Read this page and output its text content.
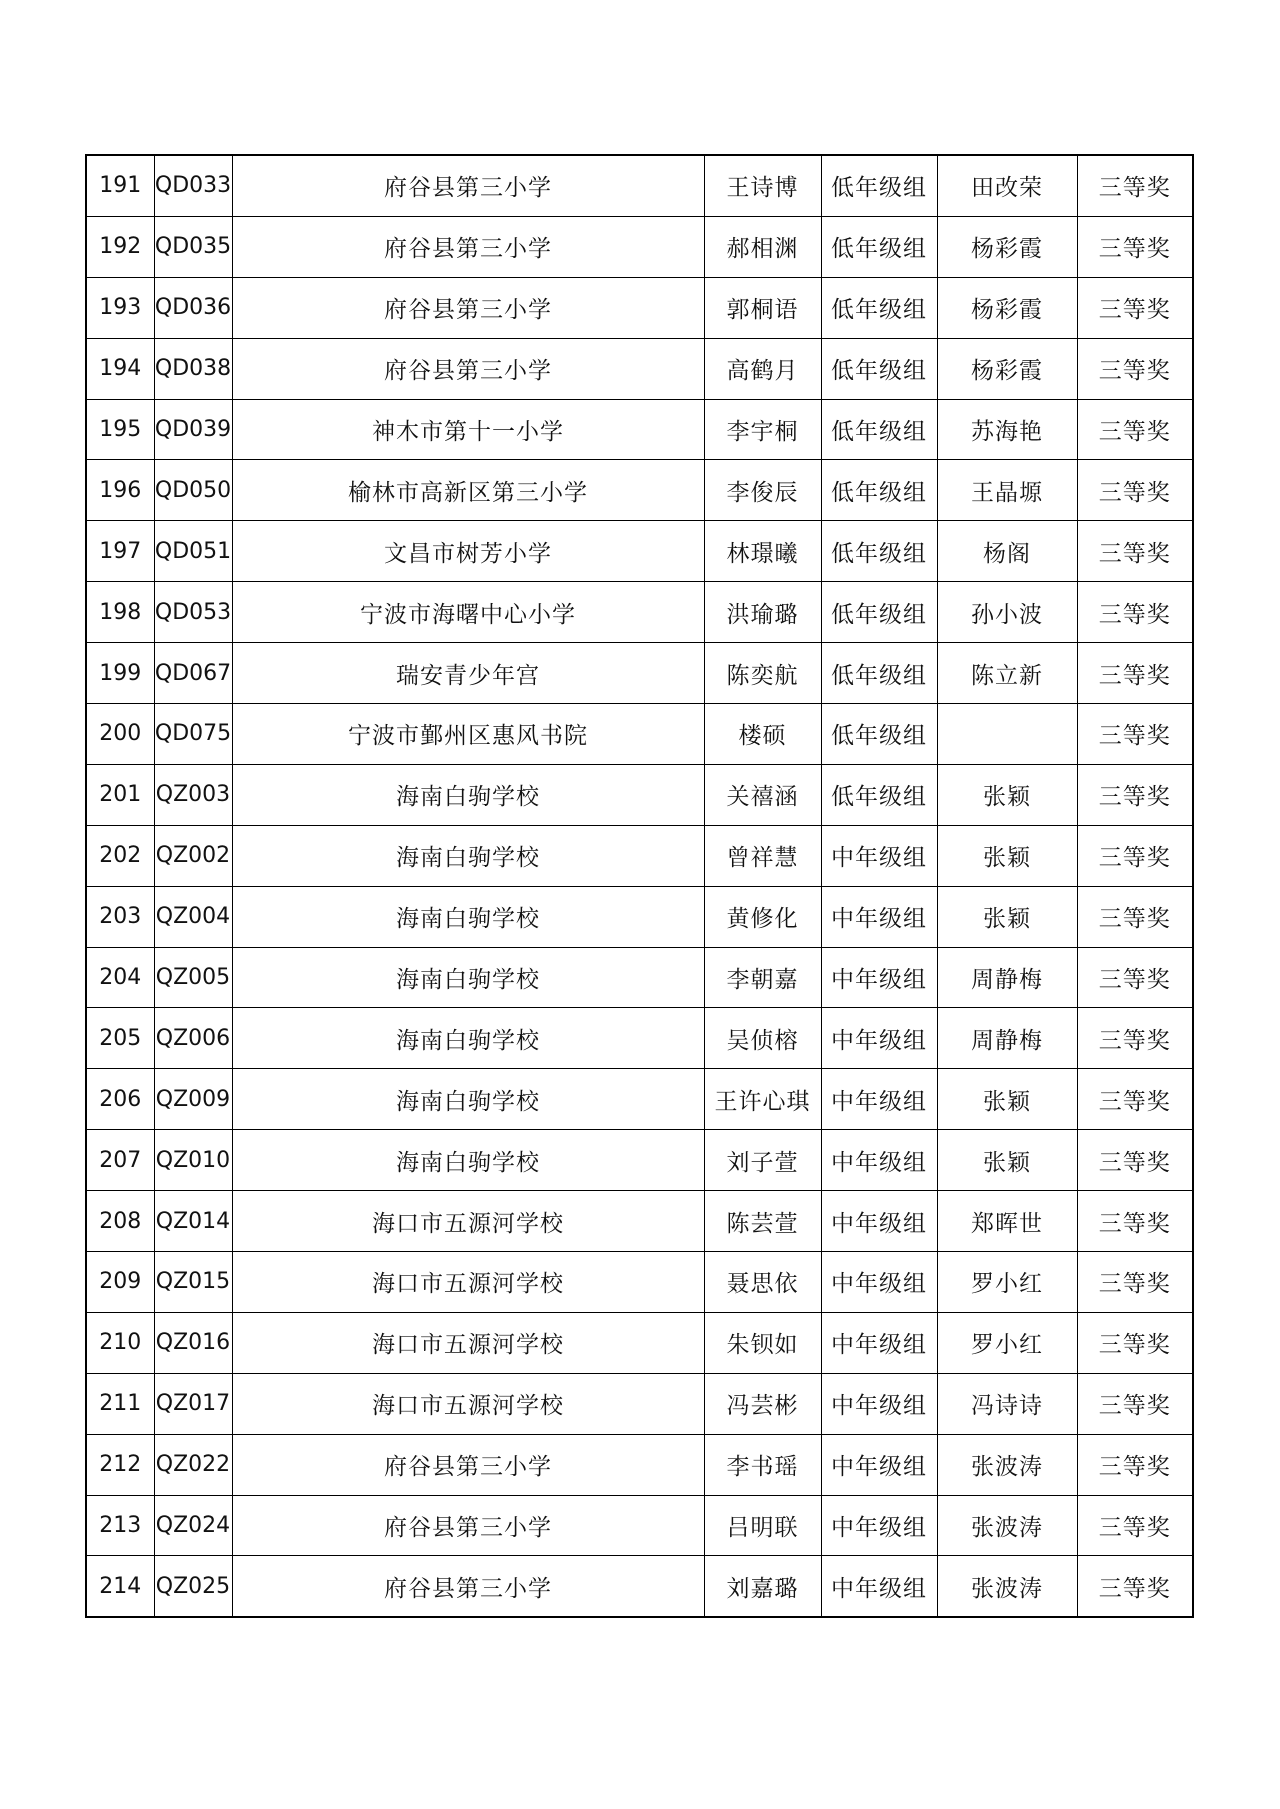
191	QD033	府谷县第三小学	王诗博	低年级组	田改荣	三等奖
192	QD035	府谷县第三小学	郝相渊	低年级组	杨彩霞	三等奖
193	QD036	府谷县第三小学	郭桐语	低年级组	杨彩霞	三等奖
194	QD038	府谷县第三小学	高鹤月	低年级组	杨彩霞	三等奖
195	QD039	神木市第十一小学	李宇桐	低年级组	苏海艳	三等奖
196	QD050	榆林市高新区第三小学	李俊辰	低年级组	王晶塬	三等奖
197	QD051	文昌市树芳小学	林璟曦	低年级组	杨阁	三等奖
198	QD053	宁波市海曙中心小学	洪瑜璐	低年级组	孙小波	三等奖
199	QD067	瑞安青少年宫	陈奕航	低年级组	陈立新	三等奖
200	QD075	宁波市鄞州区惠风书院	楼硕	低年级组		三等奖
201	QZ003	海南白驹学校	关禧涵	低年级组	张颖	三等奖
202	QZ002	海南白驹学校	曾祥慧	中年级组	张颖	三等奖
203	QZ004	海南白驹学校	黄修化	中年级组	张颖	三等奖
204	QZ005	海南白驹学校	李朝嘉	中年级组	周静梅	三等奖
205	QZ006	海南白驹学校	吴侦榕	中年级组	周静梅	三等奖
206	QZ009	海南白驹学校	王许心琪	中年级组	张颖	三等奖
207	QZ010	海南白驹学校	刘子萱	中年级组	张颖	三等奖
208	QZ014	海口市五源河学校	陈芸萱	中年级组	郑晖世	三等奖
209	QZ015	海口市五源河学校	聂思依	中年级组	罗小红	三等奖
210	QZ016	海口市五源河学校	朱钡如	中年级组	罗小红	三等奖
211	QZ017	海口市五源河学校	冯芸彬	中年级组	冯诗诗	三等奖
212	QZ022	府谷县第三小学	李书瑶	中年级组	张波涛	三等奖
213	QZ024	府谷县第三小学	吕明联	中年级组	张波涛	三等奖
214	QZ025	府谷县第三小学	刘嘉璐	中年级组	张波涛	三等奖
